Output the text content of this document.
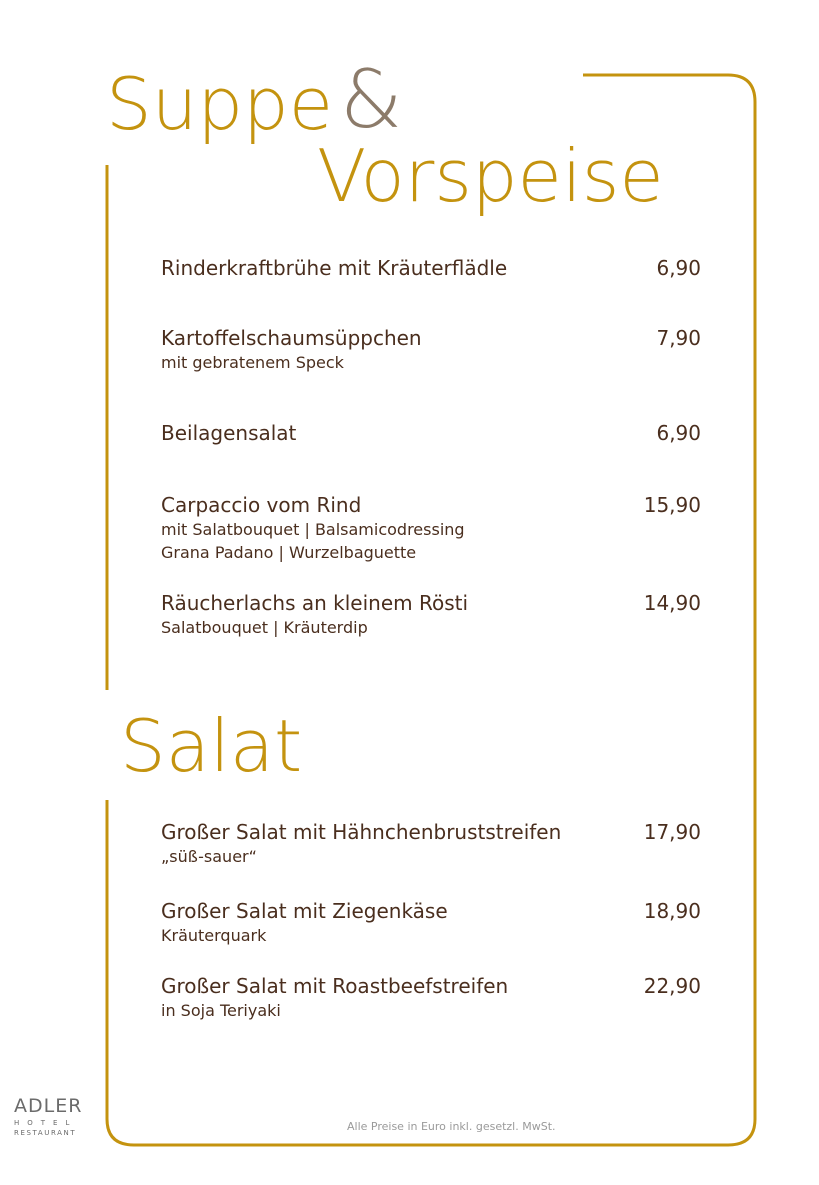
Suppe &
Vorspeise
Rinderkraftbrühe mit Kräuterflädle	6,90
Kartoffelschaumsüppchen	7,90
mit gebratenem Speck
Beilagensalat	6,90
Carpaccio vom Rind	15,90
mit Salatbouquet | Balsamicodressing
Grana Padano | Wurzelbaguette
Räucherlachs an kleinem Rösti	14,90
Salatbouquet | Kräuterdip
Salat
Großer Salat mit Hähnchenbruststreifen	17,90
„süß-sauer“
Großer Salat mit Ziegenkäse	18,90
Kräuterquark
Großer Salat mit Roastbeefstreifen	22,90
in Soja Teriyaki
Alle Preise in Euro inkl. gesetzl. MwSt.
ADLER
HOTEL
RESTAURANT
